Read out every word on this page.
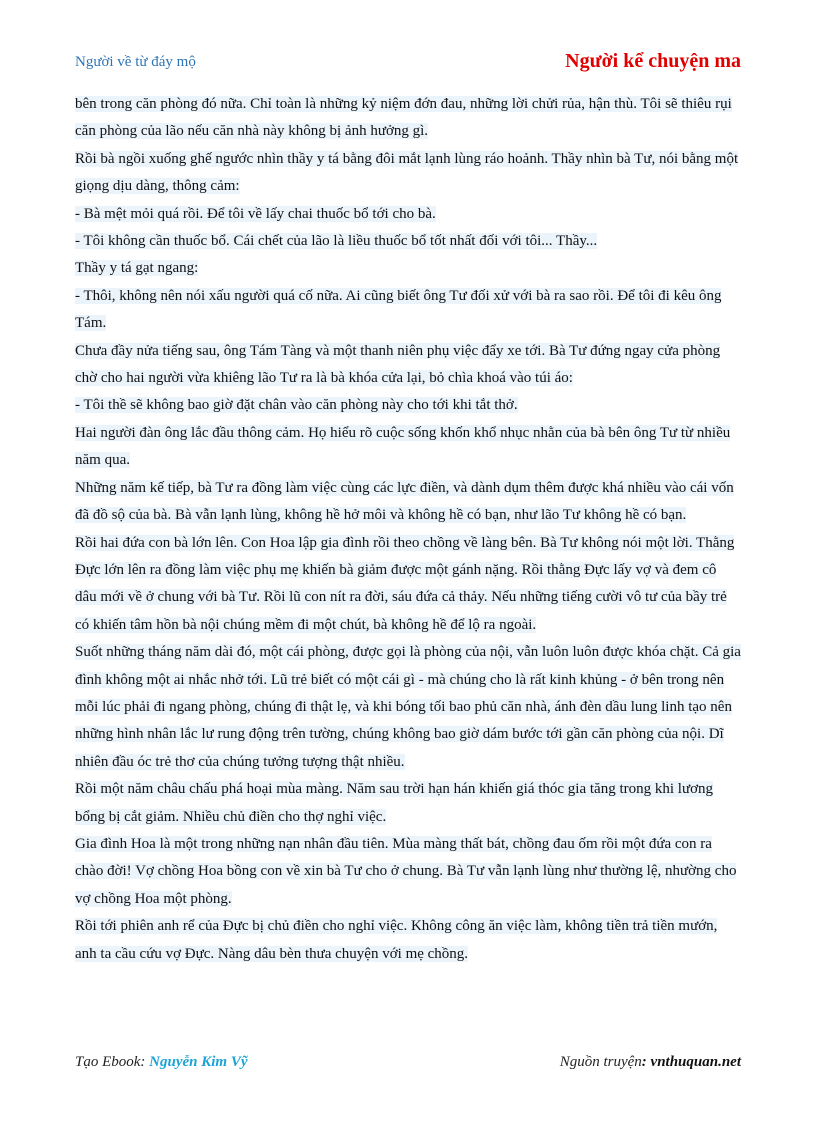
Người về từ đáy mộ	Người kể chuyện ma

bên trong căn phòng đó nữa. Chỉ toàn là những kỷ niệm đớn đau, những lời chửi rủa, hận thù. Tôi sẽ thiêu rụi căn phòng của lão nếu căn nhà này không bị ảnh hưởng gì.

Rồi bà ngồi xuống ghế ngước nhìn thầy y tá bằng đôi mắt lạnh lùng ráo hoảnh. Thầy nhìn bà Tư, nói bằng một giọng dịu dàng, thông cảm:

- Bà mệt mỏi quá rồi. Để tôi về lấy chai thuốc bổ tới cho bà.

- Tôi không cần thuốc bổ. Cái chết của lão là liều thuốc bổ tốt nhất đối với tôi... Thầy...

Thầy y tá gạt ngang:

- Thôi, không nên nói xấu người quá cố nữa. Ai cũng biết ông Tư đối xử với bà ra sao rồi. Để tôi đi kêu ông Tám.

Chưa đầy nửa tiếng sau, ông Tám Tàng và một thanh niên phụ việc đẩy xe tới. Bà Tư đứng ngay cửa phòng chờ cho hai người vừa khiêng lão Tư ra là bà khóa cửa lại, bỏ chìa khoá vào túi áo:

- Tôi thề sẽ không bao giờ đặt chân vào căn phòng này cho tới khi tắt thở.

Hai người đàn ông lắc đầu thông cảm. Họ hiểu rõ cuộc sống khốn khổ nhục nhằn của bà bên ông Tư từ nhiều năm qua.

Những năm kế tiếp, bà Tư ra đồng làm việc cùng các lực điền, và dành dụm thêm được khá nhiều vào cái vốn đã đồ sộ của bà. Bà vẫn lạnh lùng, không hề hở môi và không hề có bạn, như lão Tư không hề có bạn.

Rồi hai đứa con bà lớn lên. Con Hoa lập gia đình rồi theo chồng về làng bên. Bà Tư không nói một lời. Thằng Đực lớn lên ra đồng làm việc phụ mẹ khiến bà giảm được một gánh nặng. Rồi thằng Đực lấy vợ và đem cô dâu mới về ở chung với bà Tư. Rồi lũ con nít ra đời, sáu đứa cả thảy. Nếu những tiếng cười vô tư của bầy trẻ có khiến tâm hồn bà nội chúng mềm đi một chút, bà không hề để lộ ra ngoài.

Suốt những tháng năm dài đó, một cái phòng, được gọi là phòng của nội, vẫn luôn luôn được khóa chặt. Cả gia đình không một ai nhắc nhở tới. Lũ trẻ biết có một cái gì - mà chúng cho là rất kinh khủng - ở bên trong nên mỗi lúc phải đi ngang phòng, chúng đi thật lẹ, và khi bóng tối bao phủ căn nhà, ánh đèn dầu lung linh tạo nên những hình nhân lắc lư rung động trên tường, chúng không bao giờ dám bước tới gần căn phòng của nội. Dĩ nhiên đầu óc trẻ thơ của chúng tưởng tượng thật nhiều.

Rồi một năm châu chấu phá hoại mùa màng. Năm sau trời hạn hán khiến giá thóc gia tăng trong khi lương bổng bị cắt giảm. Nhiều chủ điền cho thợ nghỉ việc.

Gia đình Hoa là một trong những nạn nhân đầu tiên. Mùa màng thất bát, chồng đau ốm rồi một đứa con ra chào đời! Vợ chồng Hoa bồng con về xin bà Tư cho ở chung. Bà Tư vẫn lạnh lùng như thường lệ, nhường cho vợ chồng Hoa một phòng.

Rồi tới phiên anh rể của Đực bị chủ điền cho nghỉ việc. Không công ăn việc làm, không tiền trả tiền mướn, anh ta cầu cứu vợ Đực. Nàng dâu bèn thưa chuyện với mẹ chồng.

Tạo Ebook: Nguyễn Kim Vỹ	Nguồn truyện: vnthuquan.net
